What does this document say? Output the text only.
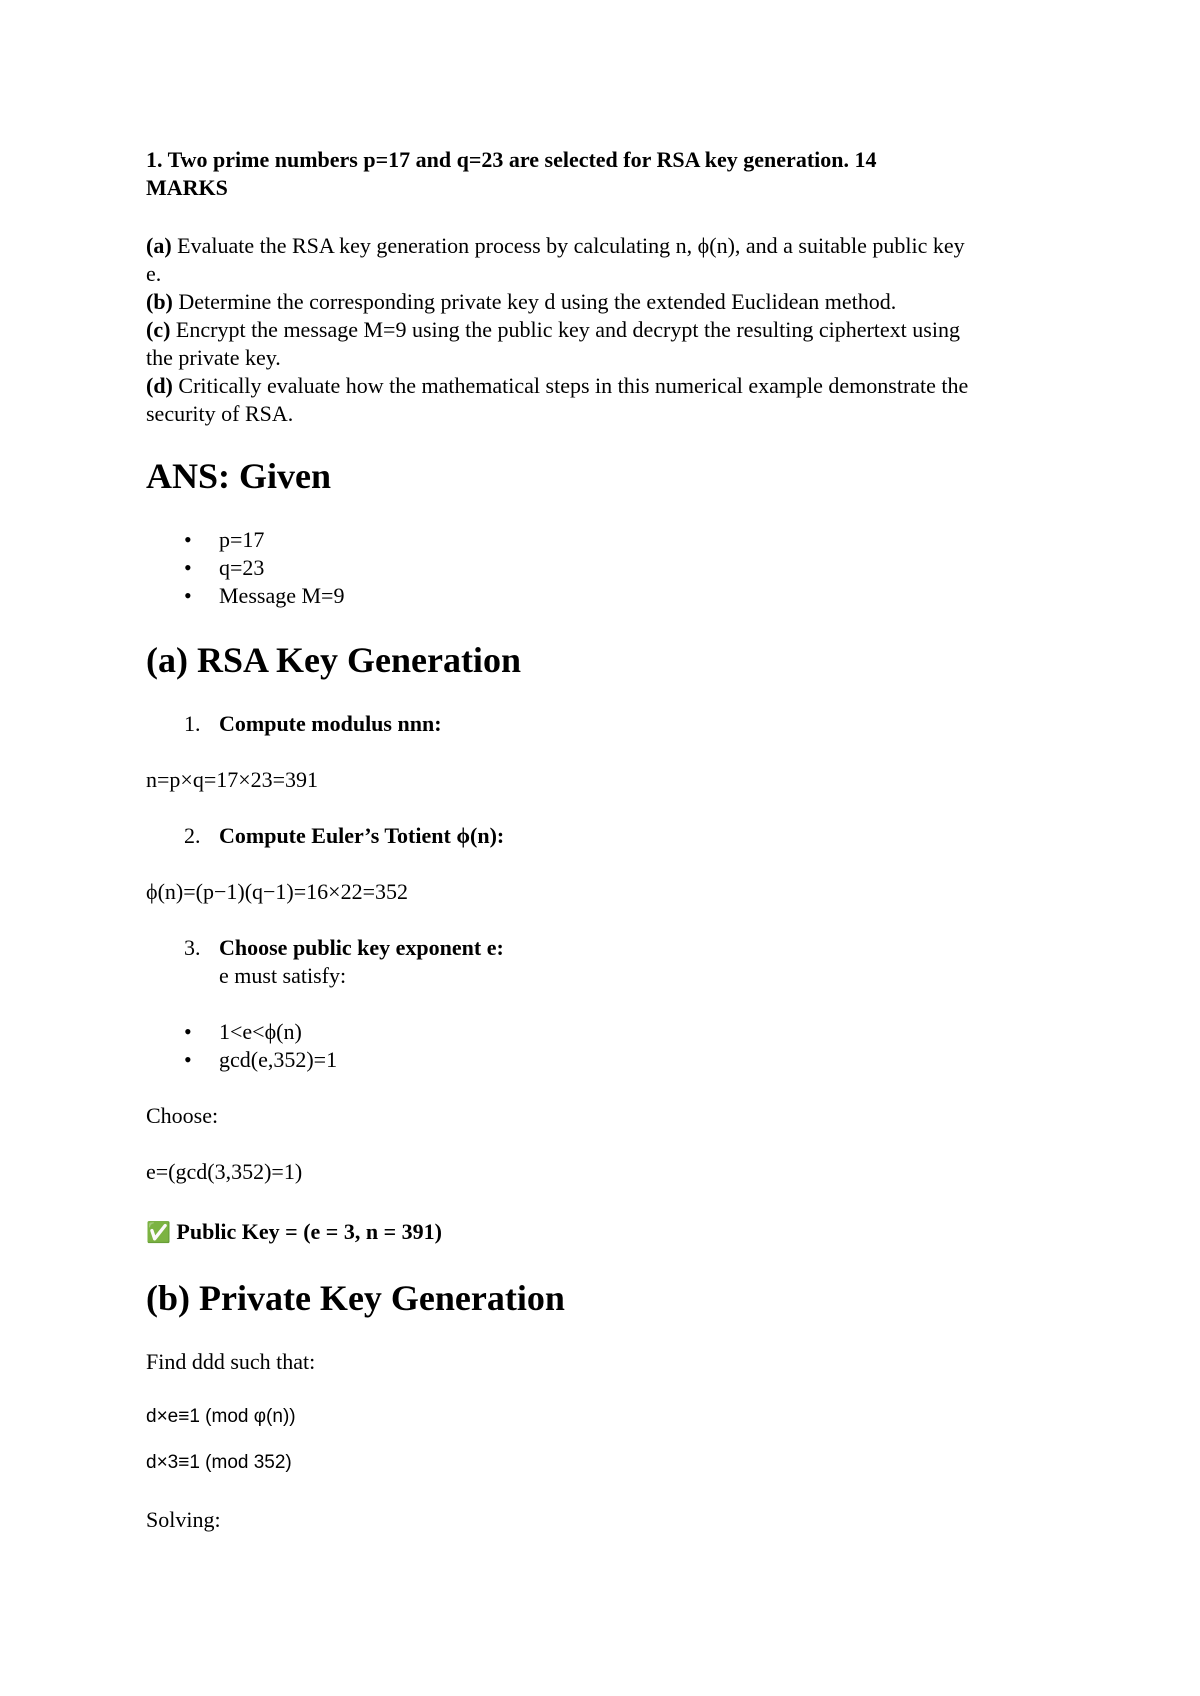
1. Two prime numbers p=17 and q=23 are selected for RSA key generation. 14
MARKS
(a) Evaluate the RSA key generation process by calculating n, ϕ(n), and a suitable public key
e.
(b) Determine the corresponding private key d using the extended Euclidean method.
(c) Encrypt the message M=9 using the public key and decrypt the resulting ciphertext using
the private key.
(d) Critically evaluate how the mathematical steps in this numerical example demonstrate the
security of RSA.
ANS: Given
• p=17
• q=23
• Message M=9
(a) RSA Key Generation
1. Compute modulus nnn:
n=p×q=17×23=391
2. Compute Euler’s Totient ϕ(n):
ϕ(n)=(p−1)(q−1)=16×22=352
3. Choose public key exponent e:
e must satisfy:
• 1<e<ϕ(n)
• gcd(e,352)=1
Choose:
e=(gcd(3,352)=1)
✅ Public Key = (e = 3, n = 391)
(b) Private Key Generation
Find ddd such that:
d×e≡1 (mod φ(n))
d×3≡1 (mod 352)
Solving:
